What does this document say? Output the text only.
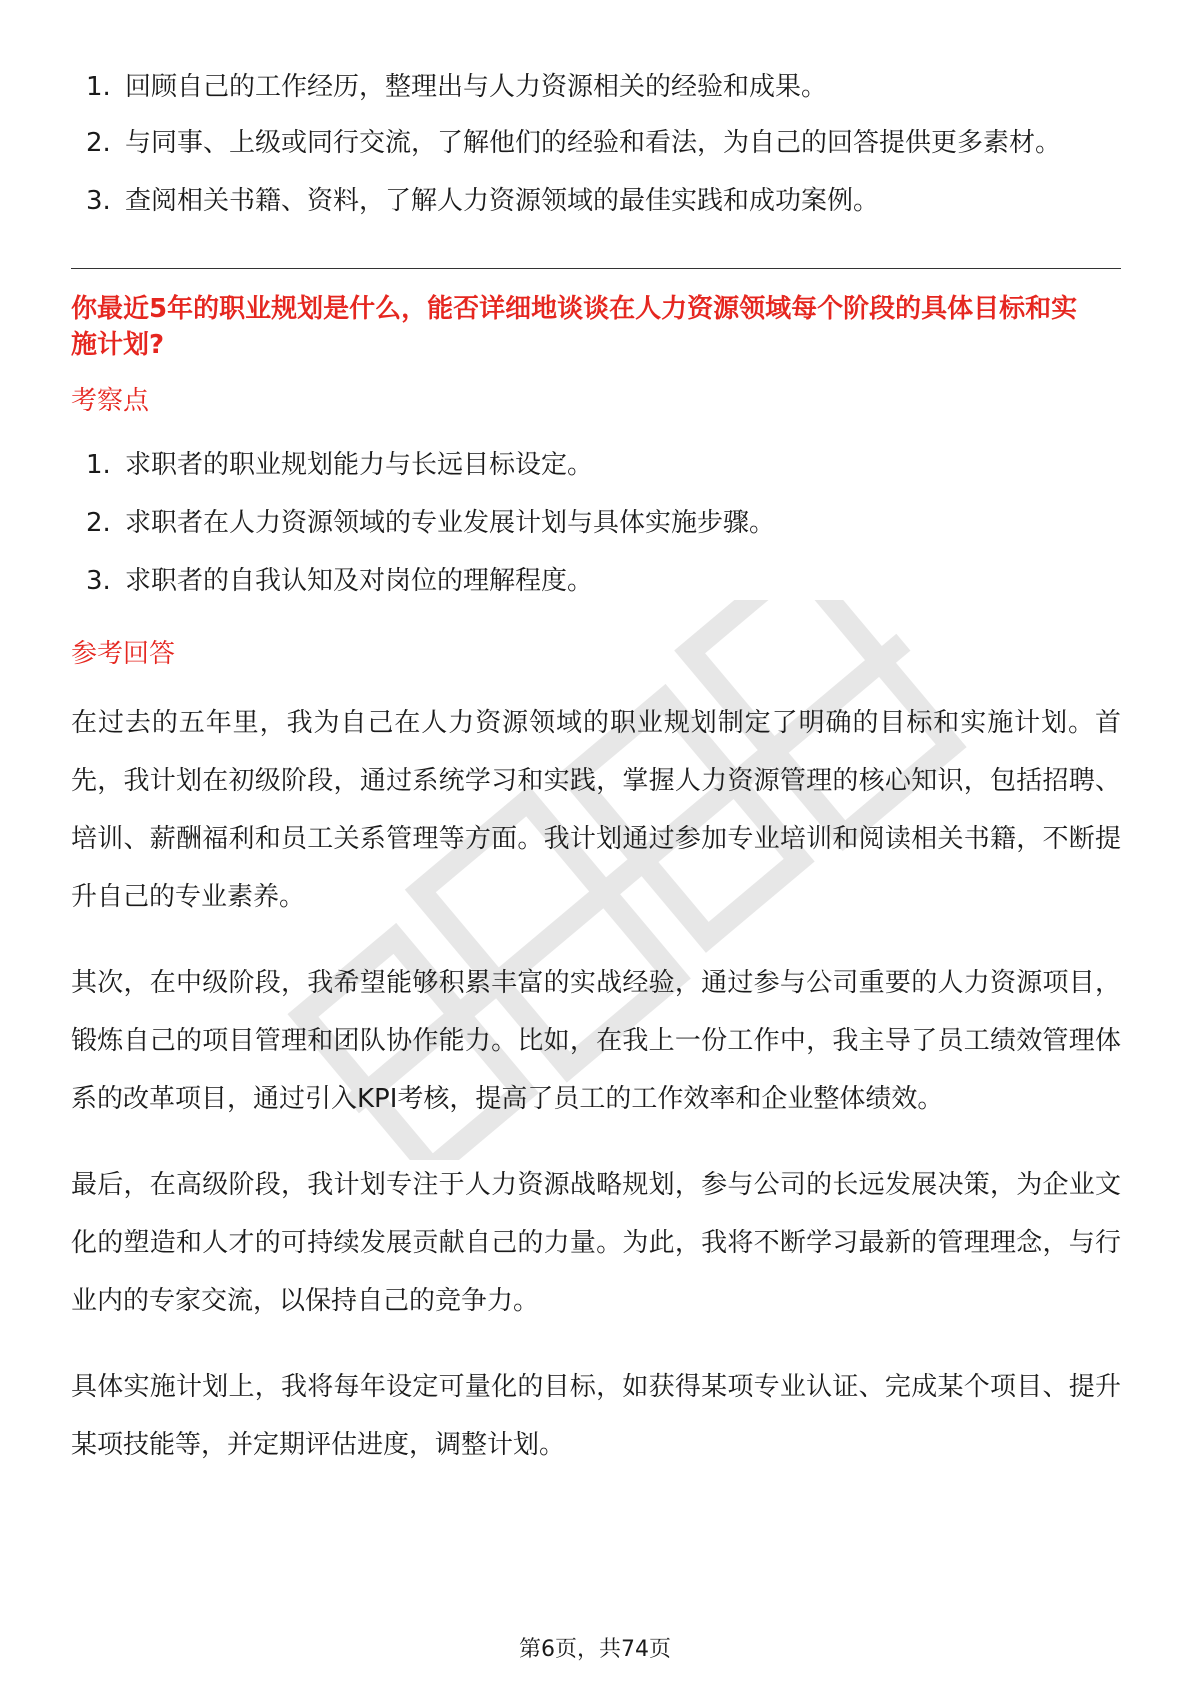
1. 回顾自己的工作经历，整理出与人力资源相关的经验和成果。
2. 与同事、上级或同行交流，了解他们的经验和看法，为自己的回答提供更多素材。
3. 查阅相关书籍、资料，了解人力资源领域的最佳实践和成功案例。
你最近5年的职业规划是什么，能否详细地谈谈在人力资源领域每个阶段的具体目标和实施计划?
考察点
1. 求职者的职业规划能力与长远目标设定。
2. 求职者在人力资源领域的专业发展计划与具体实施步骤。
3. 求职者的自我认知及对岗位的理解程度。
参考回答

在过去的五年里，我为自己在人力资源领域的职业规划制定了明确的目标和实施计划。首先，我计划在初级阶段，通过系统学习和实践，掌握人力资源管理的核心知识，包括招聘、培训、薪酬福利和员工关系管理等方面。我计划通过参加专业培训和阅读相关书籍，不断提升自己的专业素养。

其次，在中级阶段，我希望能够积累丰富的实战经验，通过参与公司重要的人力资源项目，锻炼自己的项目管理和团队协作能力。比如，在我上一份工作中，我主导了员工绩效管理体系的改革项目，通过引入KPI考核，提高了员工的工作效率和企业整体绩效。

最后，在高级阶段，我计划专注于人力资源战略规划，参与公司的长远发展决策，为企业文化的塑造和人才的可持续发展贡献自己的力量。为此，我将不断学习最新的管理理念，与行业内的专家交流，以保持自己的竞争力。

具体实施计划上，我将每年设定可量化的目标，如获得某项专业认证、完成某个项目、提升某项技能等，并定期评估进度，调整计划。

第6页，共74页
